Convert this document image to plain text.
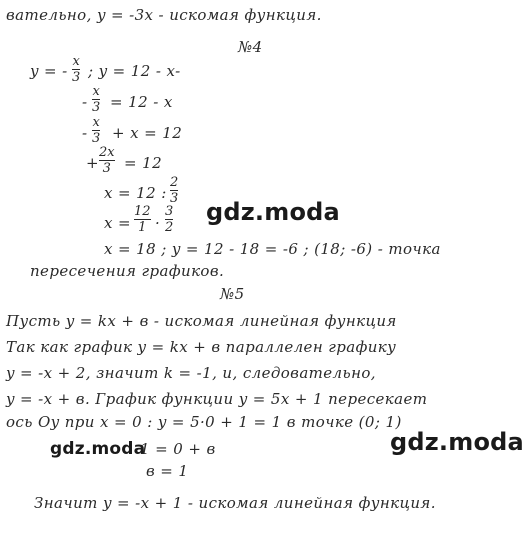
вательно, y = -3x - искомая функция.
№4
y = -
x
3 ; y = 12 - x-
-
x
3 = 12 - x
-
x
3 + x = 12
+
2x
3 = 12
x = 12 :
2
3
x =
12
1 ·
3
2
gdz.moda
x = 18 ; y = 12 - 18 = -6 ; (18; -6) - точка
пересечения графиков.
№5
Пусть y = kx + в - искомая линейная функция
Так как график y = kx + в параллелен графику
y = -x + 2, значит k = -1, и, следовательно,
y = -x + в. График функции y = 5x + 1 пересекает
ось Oy при x = 0 : y = 5·0 + 1 = 1 в точке (0; 1)
gdz.moda
gdz.moda
1 = 0 + в
в = 1
Значит y = -x + 1 - искомая линейная функция.
